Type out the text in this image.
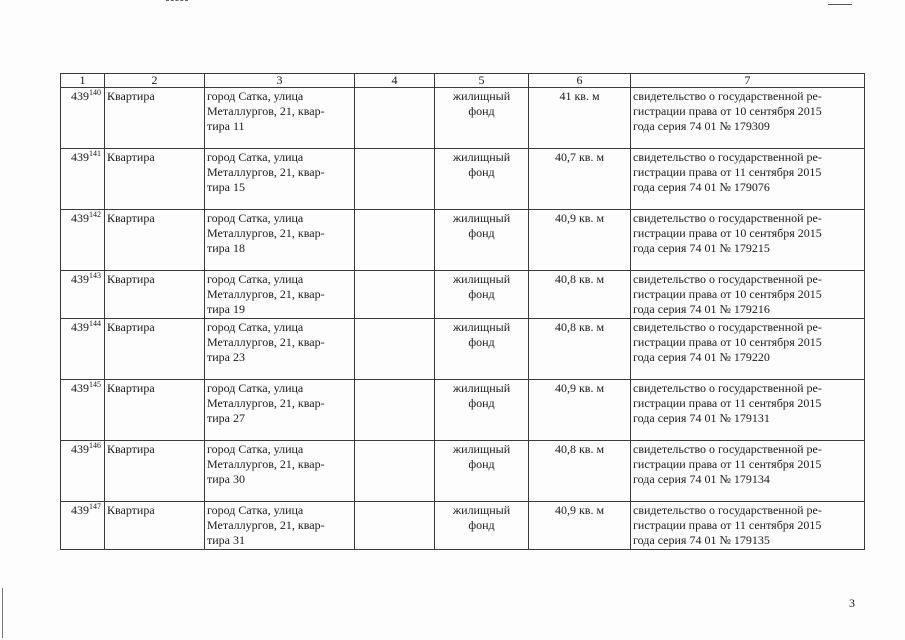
1	2	3	4	5	6	7
$439^{140}$	Квартира	город Сатка, улица
Металлургов, 21, квар-
тира 11		жилищный
фонд	41 кв. м	свидетельство о государственной ре-
гистрации права от 10 сентября 2015
года серия 74 01 № 179309
$439^{141}$	Квартира	город Сатка, улица
Металлургов, 21, квар-
тира 15		жилищный
фонд	40,7 кв. м	свидетельство о государственной ре-
гистрации права от 11 сентября 2015
года серия 74 01 № 179076
$439^{142}$	Квартира	город Сатка, улица
Металлургов, 21, квар-
тира 18		жилищный
фонд	40,9 кв. м	свидетельство о государственной ре-
гистрации права от 10 сентября 2015
года серия 74 01 № 179215
$439^{143}$	Квартира	город Сатка, улица
Металлургов, 21, квар-
тира 19		жилищный
фонд	40,8 кв. м	свидетельство о государственной ре-
гистрации права от 10 сентября 2015
года серия 74 01 № 179216
$439^{144}$	Квартира	город Сатка, улица
Металлургов, 21, квар-
тира 23		жилищный
фонд	40,8 кв. м	свидетельство о государственной ре-
гистрации права от 10 сентября 2015
года серия 74 01 № 179220
$439^{145}$	Квартира	город Сатка, улица
Металлургов, 21, квар-
тира 27		жилищный
фонд	40,9 кв. м	свидетельство о государственной ре-
гистрации права от 11 сентября 2015
года серия 74 01 № 179131
$439^{146}$	Квартира	город Сатка, улица
Металлургов, 21, квар-
тира 30		жилищный
фонд	40,8 кв. м	свидетельство о государственной ре-
гистрации права от 11 сентября 2015
года серия 74 01 № 179134
$439^{147}$	Квартира	город Сатка, улица
Металлургов, 21, квар-
тира 31		жилищный
фонд	40,9 кв. м	свидетельство о государственной ре-
гистрации права от 11 сентября 2015
года серия 74 01 № 179135
3
